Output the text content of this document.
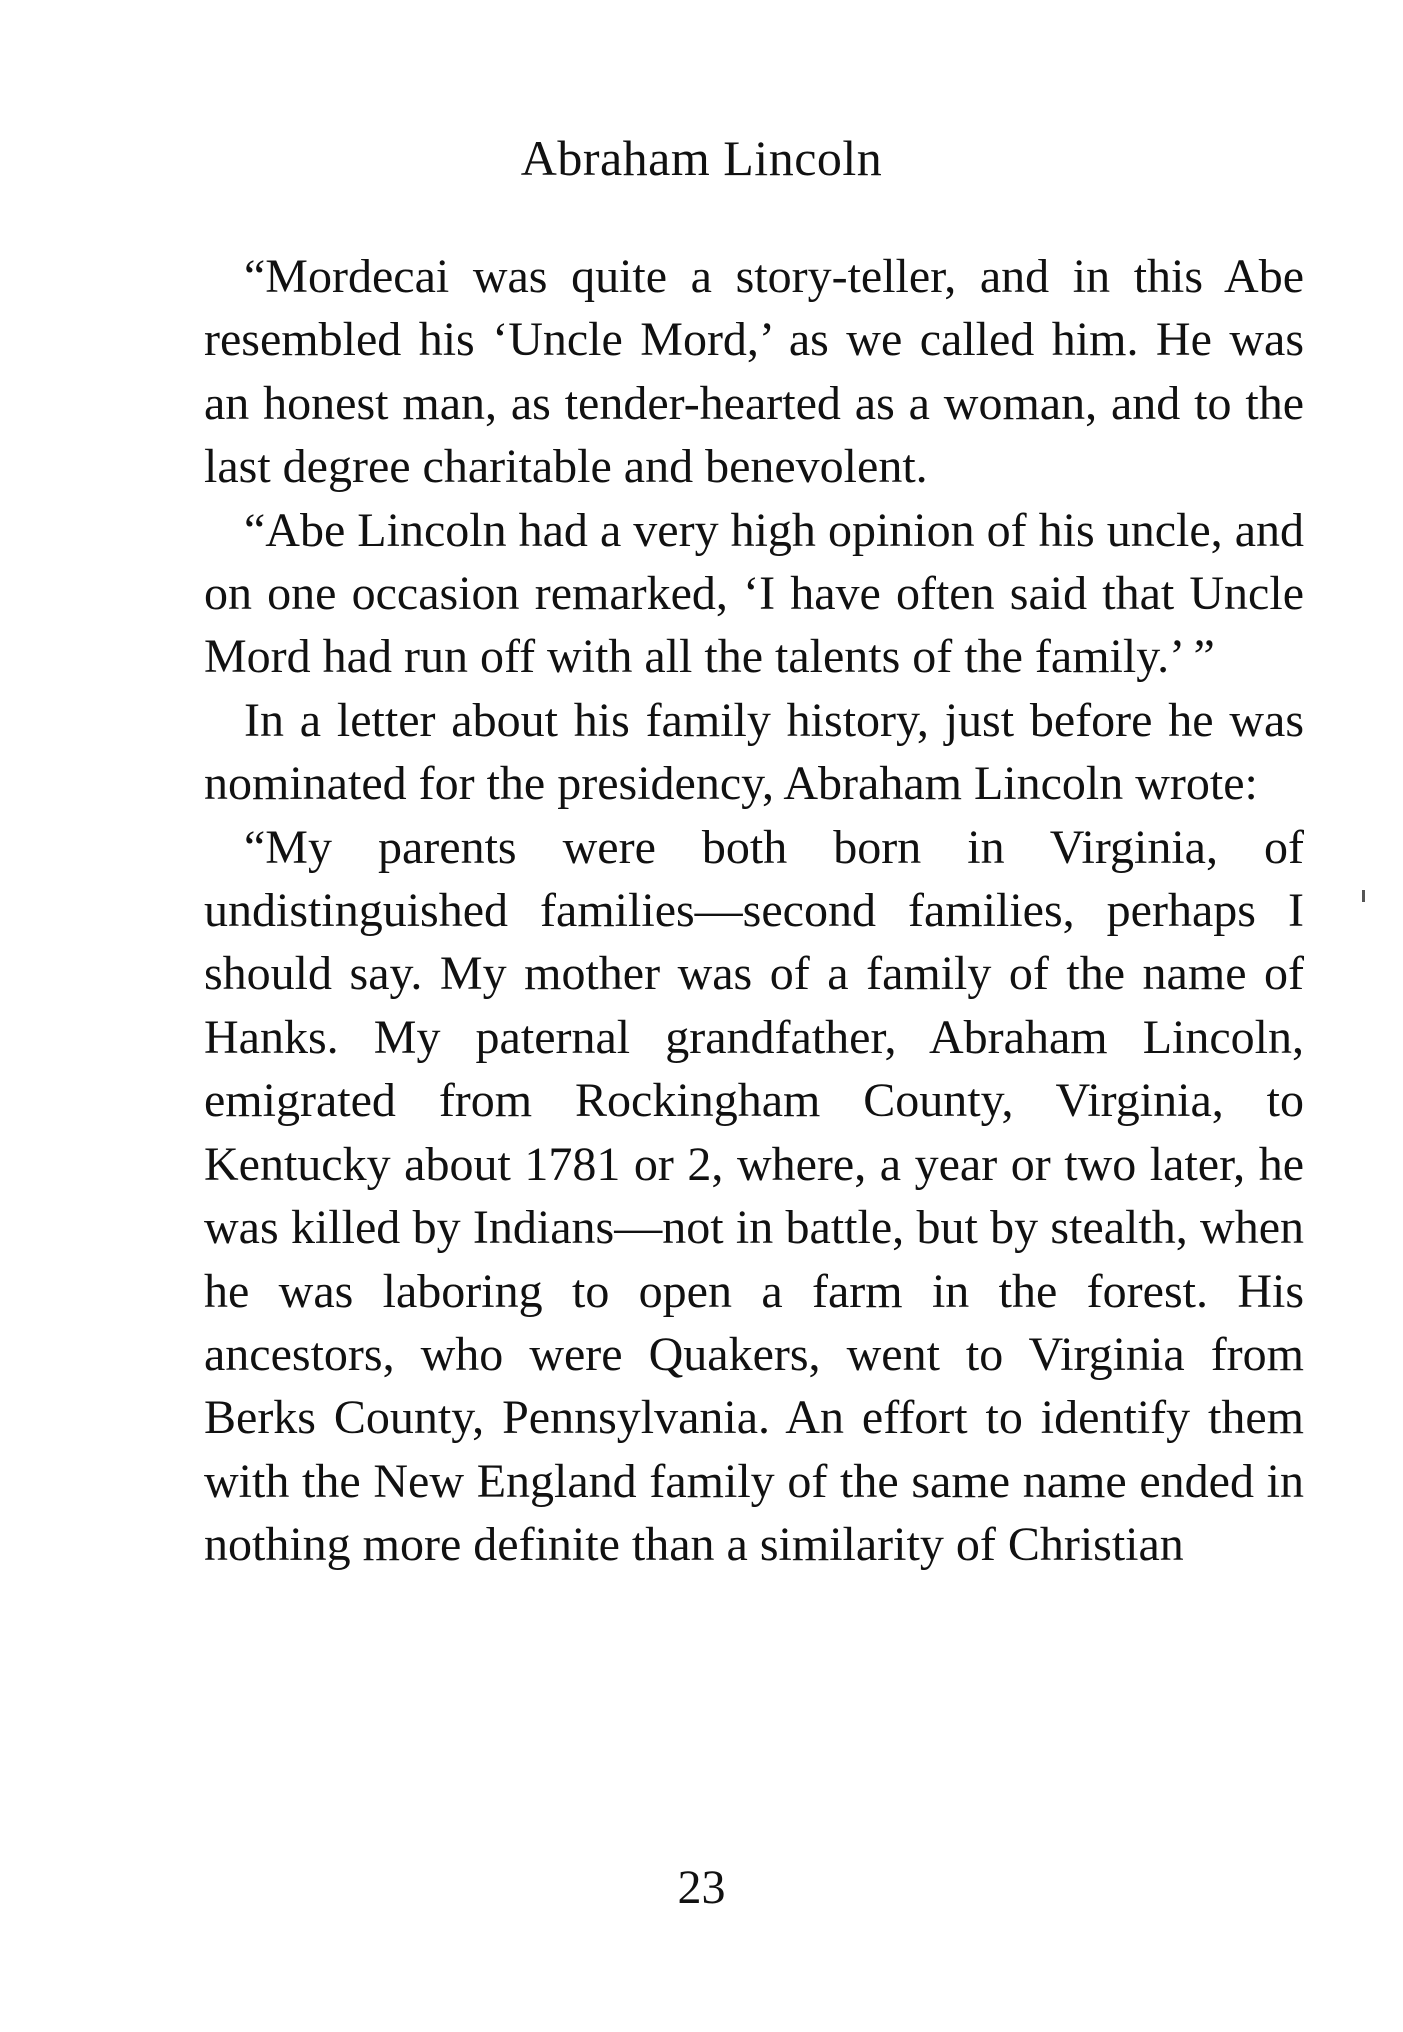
Abraham Lincoln

“Mordecai was quite a story-teller, and in this Abe resembled his ‘Uncle Mord,’ as we called him. He was an honest man, as tender-hearted as a woman, and to the last degree charitable and benevolent.

“Abe Lincoln had a very high opinion of his uncle, and on one occasion remarked, ‘I have often said that Uncle Mord had run off with all the talents of the family.’ ”

In a letter about his family history, just before he was nominated for the presidency, Abraham Lincoln wrote:

“My parents were both born in Virginia, of undistinguished families—second families, perhaps I should say. My mother was of a family of the name of Hanks. My paternal grandfather, Abraham Lincoln, emigrated from Rockingham County, Virginia, to Kentucky about 1781 or 2, where, a year or two later, he was killed by Indians—not in battle, but by stealth, when he was laboring to open a farm in the forest. His ancestors, who were Quakers, went to Virginia from Berks County, Pennsylvania. An effort to identify them with the New England family of the same name ended in nothing more definite than a similarity of Christian

23
